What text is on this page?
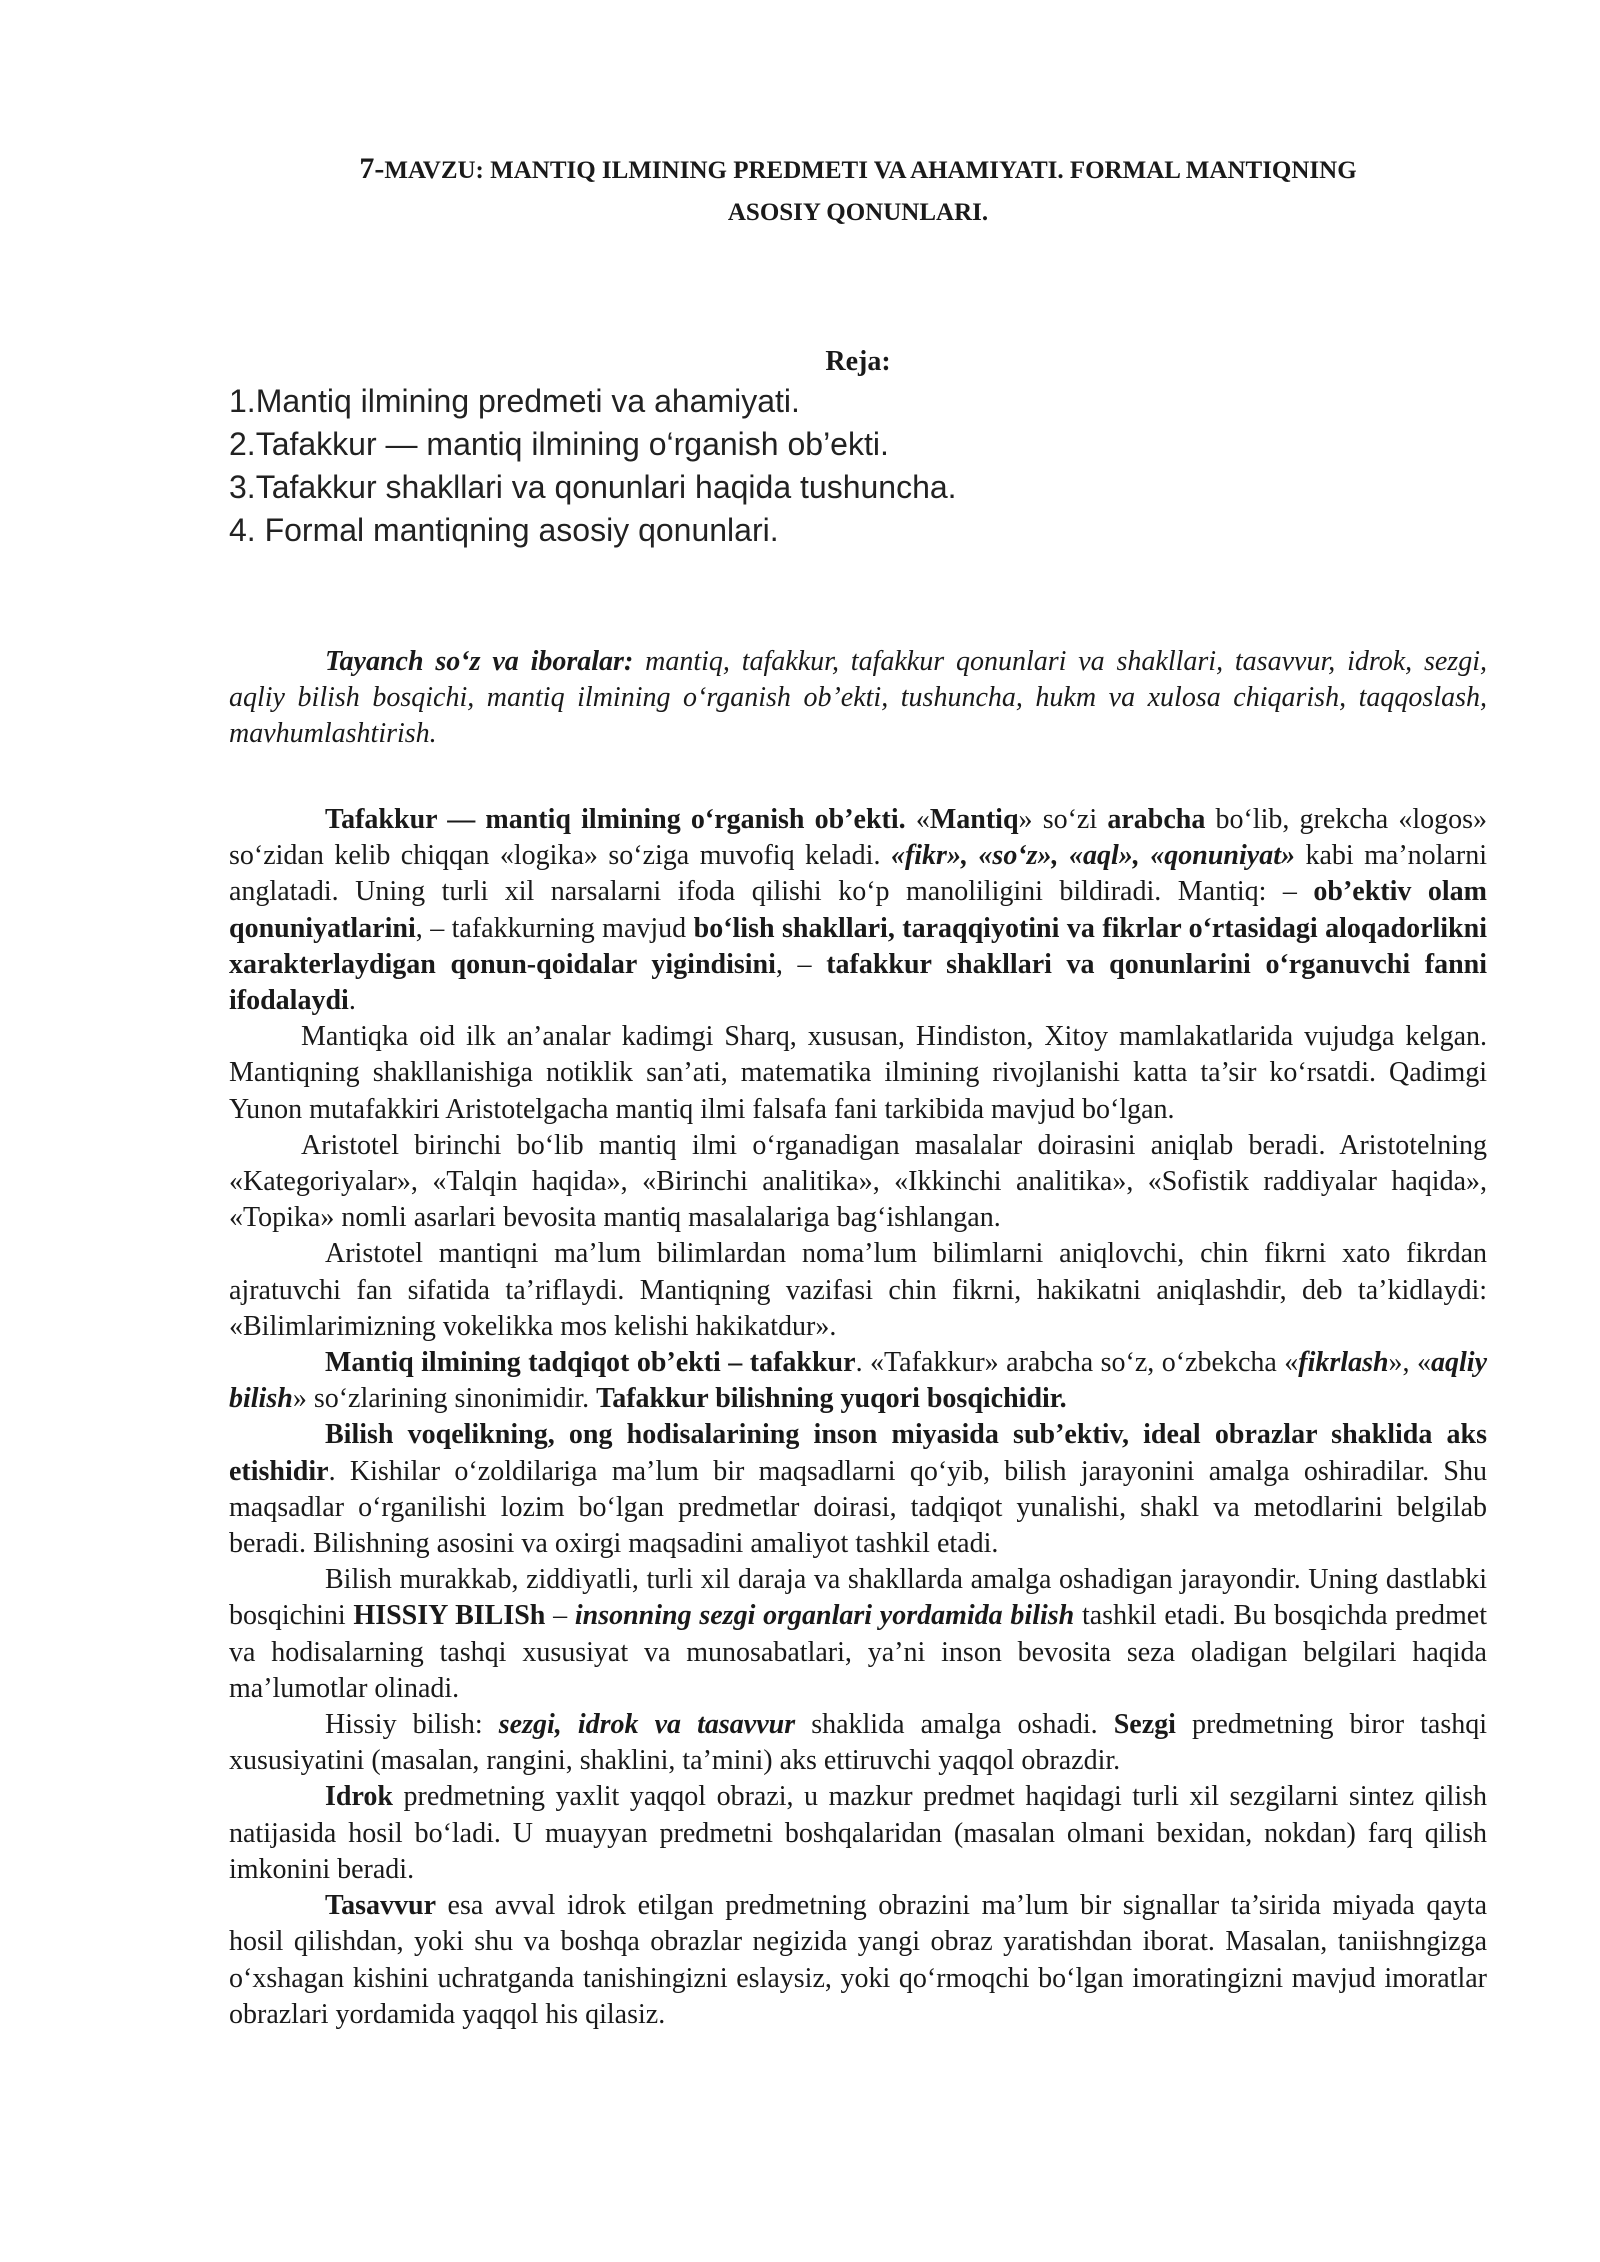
7-MAVZU: MANTIQ ILMINING PREDMETI VA AHAMIYATI. FORMAL MANTIQNING
ASOSIY QONUNLARI.
Reja:
1.Mantiq ilmining predmeti va ahamiyati.
2.Tafakkur — mantiq ilmining o‘rganish ob’ekti.
3.Tafakkur shakllari va qonunlari haqida tushuncha.
4. Formal mantiqning asosiy qonunlari.

Tayanch so‘z va iboralar: mantiq, tafakkur, tafakkur qonunlari va shakllari, tasavvur, idrok, sezgi, aqliy bilish bosqichi, mantiq ilmining o‘rganish ob’ekti, tushuncha, hukm va xulosa chiqarish, taqqoslash, mavhumlashtirish.

Tafakkur — mantiq ilmining o‘rganish ob’ekti. «Mantiq» so‘zi arabcha bo‘lib, grekcha «logos» so‘zidan kelib chiqqan «logika» so‘ziga muvofiq keladi. «fikr», «so‘z», «aql», «qonuniyat» kabi ma’nolarni anglatadi. Uning turli xil narsalarni ifoda qilishi ko‘p manoliligini bildiradi. Mantiq: – ob’ektiv olam qonuniyatlarini, – tafakkurning mavjud bo‘lish shakllari, taraqqiyotini va fikrlar o‘rtasidagi aloqadorlikni xarakterlaydigan qonun-qoidalar yigindisini, – tafakkur shakllari va qonunlarini o‘rganuvchi fanni ifodalaydi.

Mantiqka oid ilk an’analar kadimgi Sharq, xususan, Hindiston, Xitoy mamlakatlarida vujudga kelgan. Mantiqning shakllanishiga notiklik san’ati, matematika ilmining rivojlanishi katta ta’sir ko‘rsatdi. Qadimgi Yunon mutafakkiri Aristotelgacha mantiq ilmi falsafa fani tarkibida mavjud bo‘lgan.

Aristotel birinchi bo‘lib mantiq ilmi o‘rganadigan masalalar doirasini aniqlab beradi. Aristotelning «Kategoriyalar», «Talqin haqida», «Birinchi analitika», «Ikkinchi analitika», «Sofistik raddiyalar haqida», «Topika» nomli asarlari bevosita mantiq masalalariga bag‘ishlangan.

Aristotel mantiqni ma’lum bilimlardan noma’lum bilimlarni aniqlovchi, chin fikrni xato fikrdan ajratuvchi fan sifatida ta’riflaydi. Mantiqning vazifasi chin fikrni, hakikatni aniqlashdir, deb ta’kidlaydi: «Bilimlarimizning vokelikka mos kelishi hakikatdur».

Mantiq ilmining tadqiqot ob’ekti – tafakkur. «Tafakkur» arabcha so‘z, o‘zbekcha «fikrlash», «aqliy bilish» so‘zlarining sinonimidir. Tafakkur bilishning yuqori bosqichidir.

Bilish voqelikning, ong hodisalarining inson miyasida sub’ektiv, ideal obrazlar shaklida aks etishidir. Kishilar o‘zoldilariga ma’lum bir maqsadlarni qo‘yib, bilish jarayonini amalga oshiradilar. Shu maqsadlar o‘rganilishi lozim bo‘lgan predmetlar doirasi, tadqiqot yunalishi, shakl va metodlarini belgilab beradi. Bilishning asosini va oxirgi maqsadini amaliyot tashkil etadi.

Bilish murakkab, ziddiyatli, turli xil daraja va shakllarda amalga oshadigan jarayondir. Uning dastlabki bosqichini HISSIY BILISh – insonning sezgi organlari yordamida bilish tashkil etadi. Bu bosqichda predmet va hodisalarning tashqi xususiyat va munosabatlari, ya’ni inson bevosita seza oladigan belgilari haqida ma’lumotlar olinadi.

Hissiy bilish: sezgi, idrok va tasavvur shaklida amalga oshadi. Sezgi predmetning biror tashqi xususiyatini (masalan, rangini, shaklini, ta’mini) aks ettiruvchi yaqqol obrazdir.

Idrok predmetning yaxlit yaqqol obrazi, u mazkur predmet haqidagi turli xil sezgilarni sintez qilish natijasida hosil bo‘ladi. U muayyan predmetni boshqalaridan (masalan olmani bexidan, nokdan) farq qilish imkonini beradi.

Tasavvur esa avval idrok etilgan predmetning obrazini ma’lum bir signallar ta’sirida miyada qayta hosil qilishdan, yoki shu va boshqa obrazlar negizida yangi obraz yaratishdan iborat. Masalan, taniishngizga o‘xshagan kishini uchratganda tanishingizni eslaysiz, yoki qo‘rmoqchi bo‘lgan imoratingizni mavjud imoratlar obrazlari yordamida yaqqol his qilasiz.
